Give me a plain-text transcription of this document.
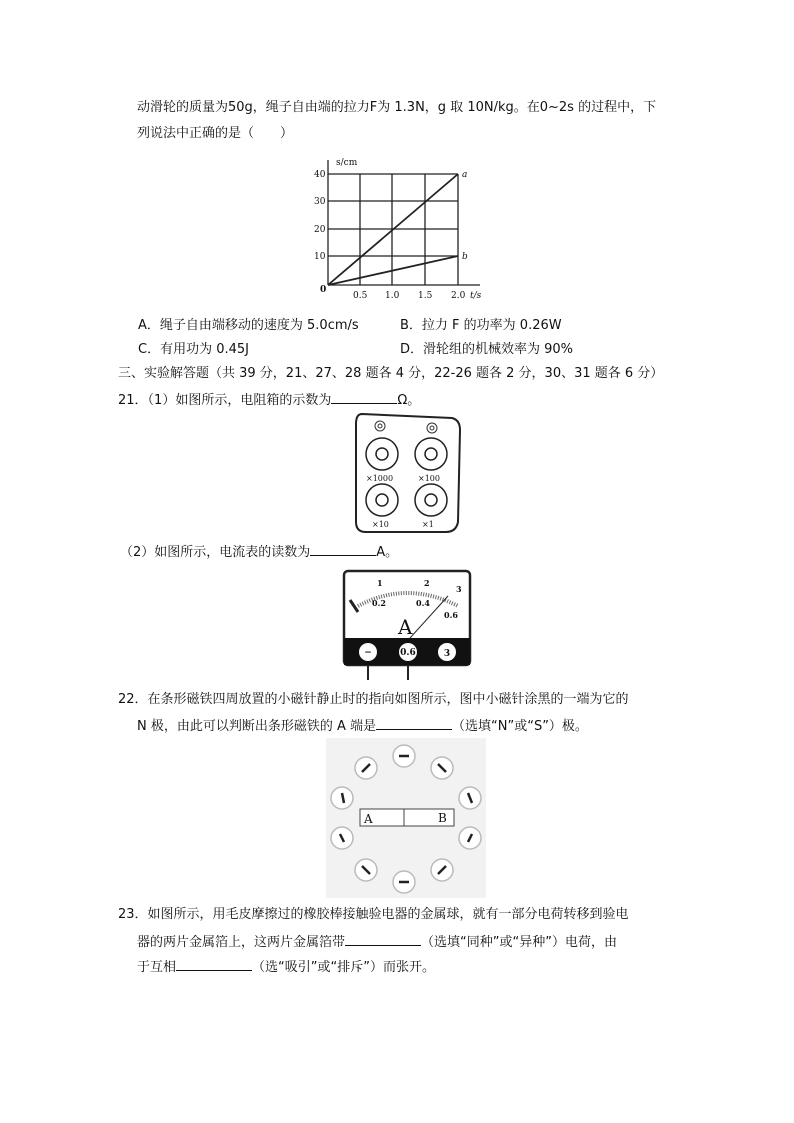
动滑轮的质量为50g，绳子自由端的拉力F为 1.3N，g 取 10N/kg。在0~2s 的过程中，下
列说法中正确的是（　　）
s/cm
0
10
20
30
40
0.5 1.0 1.5 2.0 t/s
a
b
A．绳子自由端移动的速度为 5.0cm/s	B．拉力 F 的功率为 0.26W
C．有用功为 0.45J	D．滑轮组的机械效率为 90%
三、实验解答题（共 39 分，21、27、28 题各 4 分，22-26 题各 2 分，30、31 题各 6 分）
21．（1）如图所示，电阻箱的示数为	Ω。
×1000	×100
×10	×1
（2）如图所示，电流表的读数为	A。
0.2	0.4
0.6
1	2
3
A
−	0.6	3
22．在条形磁铁四周放置的小磁针静止时的指向如图所示，图中小磁针涂黑的一端为它的
N 极，由此可以判断出条形磁铁的 A 端是	（选填“N”或“S”）极。
A	B
23．如图所示，用毛皮摩擦过的橡胶棒接触验电器的金属球，就有一部分电荷转移到验电
器的两片金属箔上，这两片金属箔带	（选填“同种”或“异种”）电荷，由
于互相	（选“吸引”或“排斥”）而张开。
